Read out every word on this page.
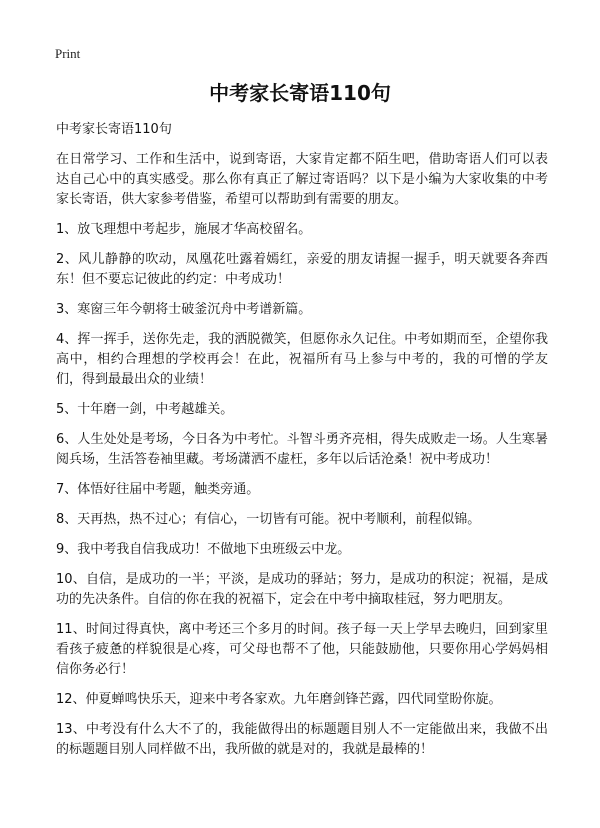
Print
中考家长寄语110句
中考家长寄语110句
在日常学习、工作和生活中，说到寄语，大家肯定都不陌生吧，借助寄语人们可以表达自己心中的真实感受。那么你有真正了解过寄语吗？以下是小编为大家收集的中考家长寄语，供大家参考借鉴，希望可以帮助到有需要的朋友。
1、放飞理想中考起步，施展才华高校留名。
2、风儿静静的吹动，凤凰花吐露着嫣红，亲爱的朋友请握一握手，明天就要各奔西东！但不要忘记彼此的约定：中考成功！
3、寒窗三年今朝将士破釜沉舟中考谱新篇。
4、挥一挥手，送你先走，我的洒脱微笑，但愿你永久记住。中考如期而至，企望你我高中，相约合理想的学校再会！在此，祝福所有马上参与中考的，我的可憎的学友们，得到最最出众的业绩！
5、十年磨一剑，中考越雄关。
6、人生处处是考场，今日各为中考忙。斗智斗勇齐亮相，得失成败走一场。人生寒暑阅兵场，生活答卷袖里藏。考场潇洒不虚枉，多年以后话沧桑！祝中考成功！
7、体悟好往届中考题，触类旁通。
8、天再热，热不过心；有信心，一切皆有可能。祝中考顺利，前程似锦。
9、我中考我自信我成功！不做地下虫班级云中龙。
10、自信，是成功的一半；平淡，是成功的驿站；努力，是成功的积淀；祝福，是成功的先决条件。自信的你在我的祝福下，定会在中考中摘取桂冠，努力吧朋友。
11、时间过得真快，离中考还三个多月的时间。孩子每一天上学早去晚归，回到家里看孩子疲惫的样貌很是心疼，可父母也帮不了他，只能鼓励他，只要你用心学妈妈相信你务必行！
12、仲夏蝉鸣快乐天，迎来中考各家欢。九年磨剑锋芒露，四代同堂盼你旋。
13、中考没有什么大不了的，我能做得出的标题题目别人不一定能做出来，我做不出的标题题目别人同样做不出，我所做的就是对的，我就是最棒的！
